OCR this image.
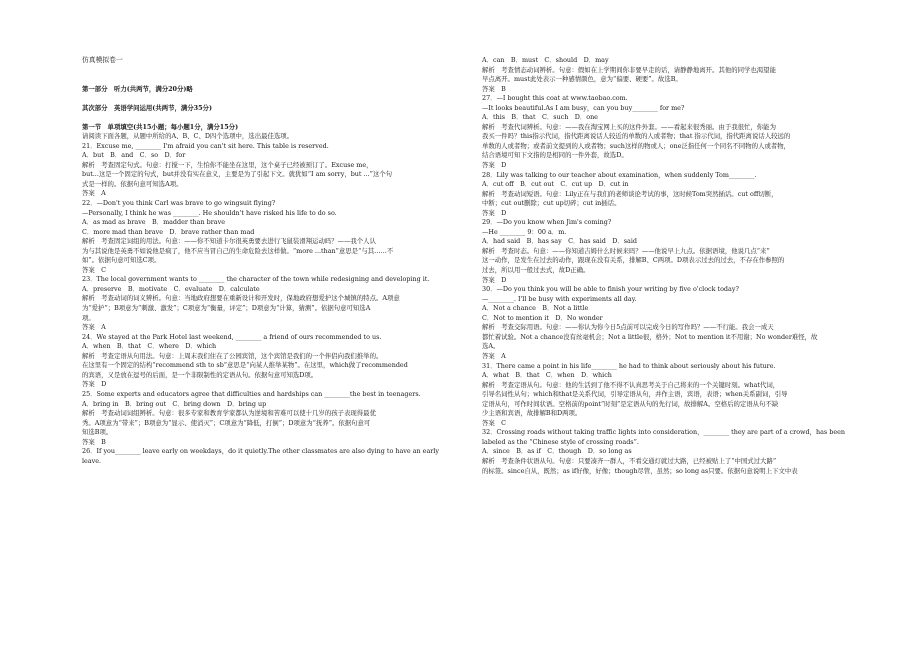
仿真模拟卷一
第一部分　听力(共两节，满分20分)略
其次部分　英语学问运用(共两节，满分35分)
第一节　单项填空(共15小题；每小题1分，满分15分)
请阅读下面各题，从题中所给的A、B、C、D四个选项中，选出最佳选项。
21．Excuse me, ________ I'm afraid you can't sit here. This table is reserved.
A．but　B．and　C．so　D．for
解析　考查固定句式。句意：打搅一下，生怕你不能坐在这里，这个桌子已经被预订了。Excuse me，
but...这是一个固定的句式，but并没有实在意义，主要是为了引起下文。就犹如“I am sorry，but ...”这个句
式是一样的。依据句意可知选A项。
答案　A
22．—Don't you think Carl was brave to go wingsuit flying?
—Personally, I think he was ________. He shouldn't have risked his life to do so.
A．as mad as brave　B．madder than brave
C．more mad than brave　D．brave rather than mad
解析　考查固定词组的用法。句意：——你不知道卡尔很英勇要去进行飞鼠装滑翔运动吗？——我个人认
为与其说他是英勇不如说他是疯了，他不应当冒自己的生命危险去这样做。“more ...than”意思是“与其……不
如”。依据句意可知选C项。
答案　C
23．The local government wants to ________ the character of the town while redesigning and developing it.
A．preserve　B．motivate　C．evaluate　D．calculate
解析　考查动词的词义辨析。句意：当地政府想要在重新设计和开发时，保地政府想爱护这个城镇的特点。A项意
为“爱护”；B项意为“刺激、激发”；C项意为“衡量，评定”；D项意为“计算，猜测”。依据句意可知选A
项。
答案　A
24．We stayed at the Park Hotel last weekend, ________ a friend of ours recommended to us.
A．when　B．that　C．where　D．which
解析　考查定语从句用法。句意：上周末我们住在了公园宾馆，这个宾馆是我们的一个伴侣向我们推举的。
在这里有一个固定的结构“recommend sth to sb”意思是“向某人推举某物”。在这里，which做了recommended
的宾语，又是放在逗号的后面，是一个非限制性的定语从句。依据句意可知选D项。
答案　D
25．Some experts and educators agree that difficulties and hardships can ________the best in teenagers.
A．bring in　B．bring out　C．bring down　D．bring up
解析　考查动词词组辨析。句意：很多专家和教育学家都认为逆境和苦难可以使十几岁的孩子表现得最优
秀。A项意为“带来”；B项意为“显示、使消灭”；C项意为“降低，打倒”；D项意为“抚养”。依据句意可
知选B项。
答案　B
26．If you________ leave early on weekdays，do it quietly.The other classmates are also dying to have an early
leave.
A．can　B．must　C．should　D．may
解析　考查情态动词辨析。句意：假如在上学期间你非要早走的话，请静静地离开。其他的同学也渴望能
早点离开。must此处表示一种感情颜色，意为“偏要、硬要”。故选B。
答案　B
27．—I bought this coat at www.taobao.com.
—It looks beautiful.As I am busy，can you buy________ for me?
A．this　B．that　C．such　D．one
解析　考查代词辨析。句意：——我在淘宝网上买的这件外套。——看起来很秀丽。由于我很忙，你能为
我买一件吗？this指示代词，指代距离说话人较近的单数的人或者物；that 指示代词，指代距离说话人较远的
单数的人或者物；或者前文提到的人或者物；such这样的物或人；one泛指任何一个同名不同物的人或者物，
结合语境可知下文指的是相同的一件外套，故选D。
答案　D
28．Lily was talking to our teacher about examination，when suddenly Tom________.
A．cut off　B．cut out　C．cut up　D．cut in
解析　考查动词短语。句意：Lily正在与我们的老师谈论考试的事，这时候Tom突然插话。cut off切断，
中断；cut out删除；cut up切碎；cut in插话。
答案　D
29．—Do you know when Jim's coming?
—He ________ 9：00 a．m.
A．had said　B．has say　C．has said　D．said
解析　考查时态。句意：——你知道吉姆什么时候来吗？——他说早上九点。依据语境，他说几点“来”
这一动作，是发生在过去的动作，跟现在没有关系，排解B、C两项。D项表示过去的过去，不存在作参照的
过去，所以用一般过去式，故D正确。
答案　D
30．—Do you think you will be able to finish your writing by five o'clock today?
—________. I'll be busy with experiments all day.
A．Not a chance　B．Not a little
C．Not to mention it　D．No wonder
解析　考查交际用语。句意：——你认为你今日5点前可以完成今日的写作吗？——不行能。我会一成天
都忙着试验。Not a chance没有丝毫机会；Not a little很，格外；Not to mention it不用谢；No wonder难怪，故
选A。
答案　A
31．There came a point in his life________ he had to think about seriously about his future.
A．what　B．that　C．when　D．which
解析　考查定语从句。句意：他的生活到了他不得不认真思考关于自己将来的一个关键时刻。what代词，
引导名词性从句；which和that是关系代词，引导定语从句，并作主语，宾语，表语；when关系副词，引导
定语从句，可作时间状语。空格前的point“时刻”是定语从句的先行词，故排解A。空格后的定语从句不缺
少主语和宾语，故排解B和D两项。
答案　C
32．Crossing roads without taking traffic lights into consideration，________ they are part of a crowd，has been
labeled as the “Chinese style of crossing roads”.
A．since　B．as if　C．though　D．so long as
解析　考查条件状语从句。句意：只要凑齐一群人，不看交通灯就过大路，已经被贴上了“中国式过大路”
的标签。since自从，既然；as if好像，好像；though尽管，虽然；so long as只要。依据句意说明上下文中表
